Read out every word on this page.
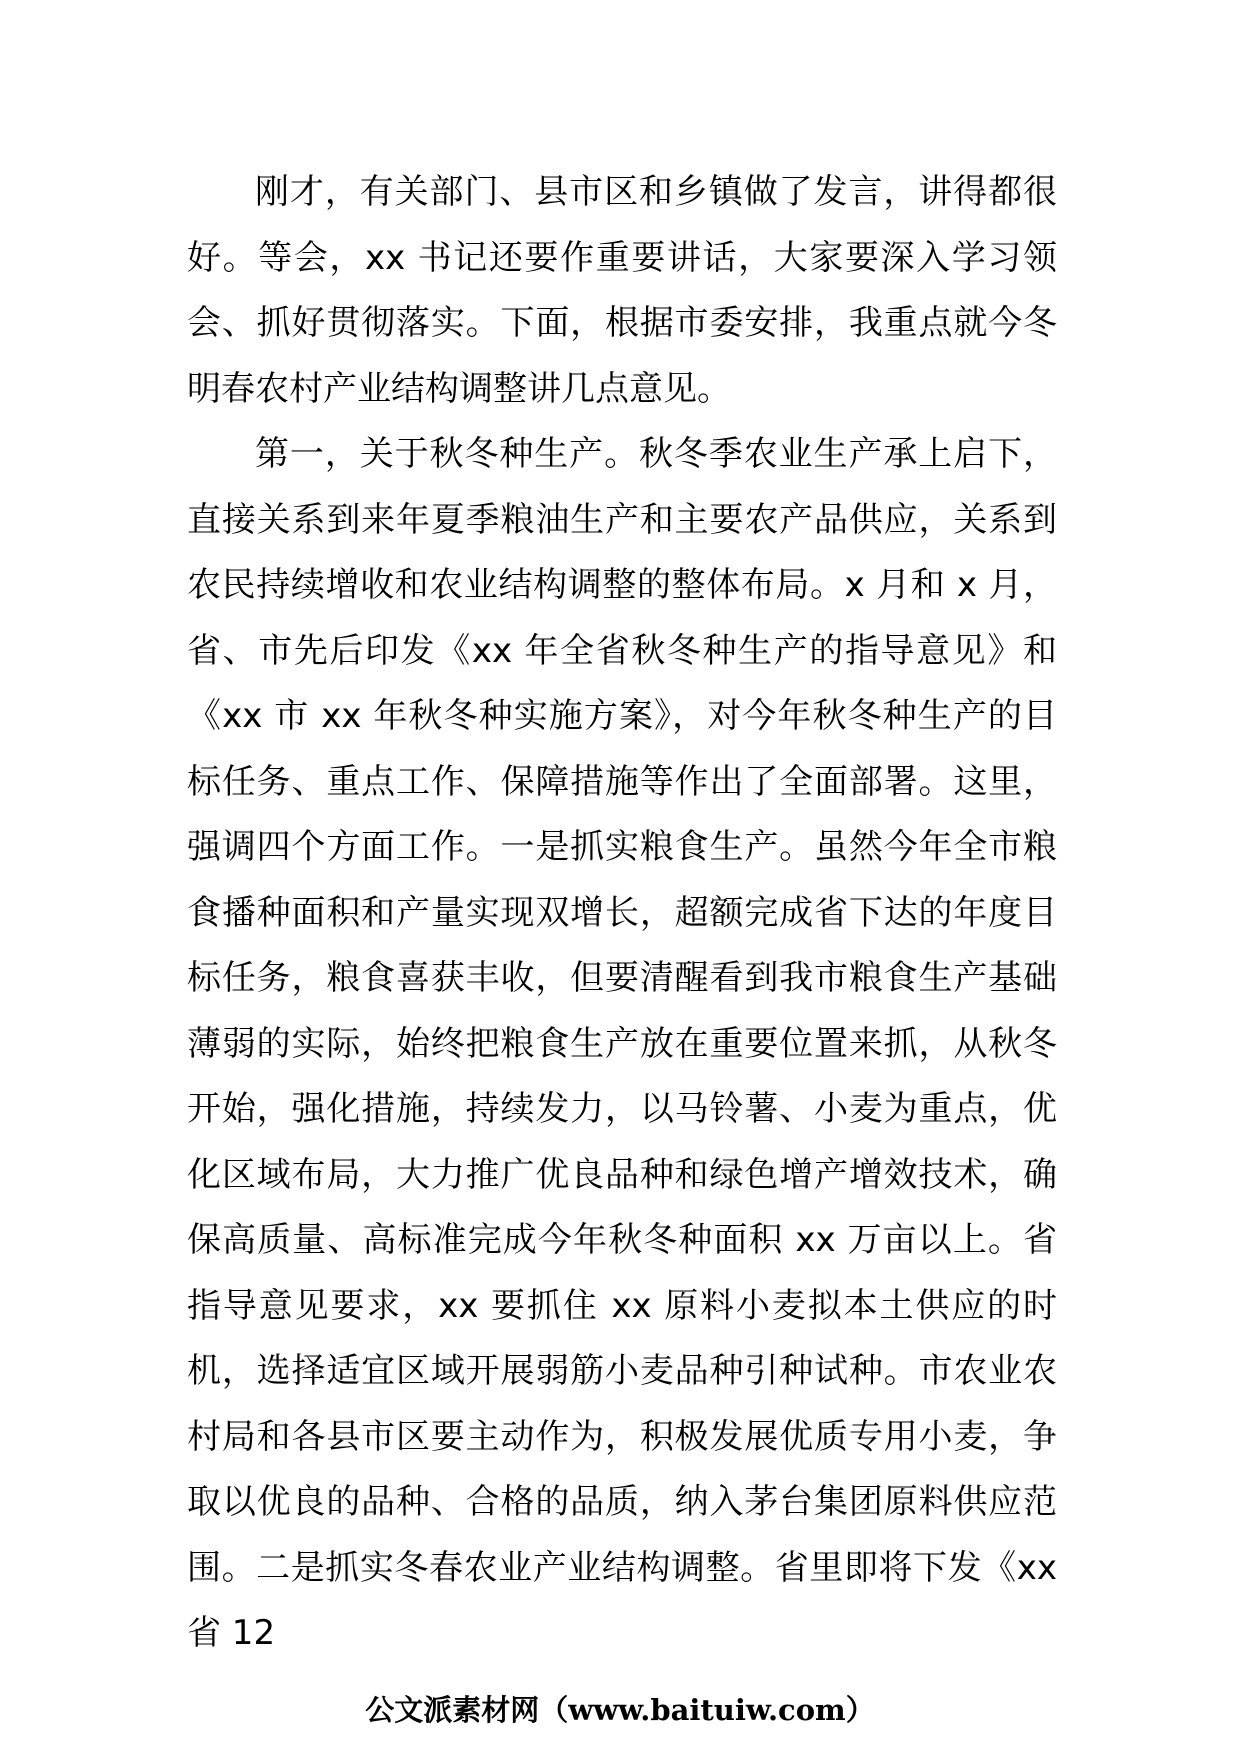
刚才，有关部门、县市区和乡镇做了发言，讲得都很好。等会，xx 书记还要作重要讲话，大家要深入学习领会、抓好贯彻落实。下面，根据市委安排，我重点就今冬明春农村产业结构调整讲几点意见。

第一，关于秋冬种生产。秋冬季农业生产承上启下，直接关系到来年夏季粮油生产和主要农产品供应，关系到农民持续增收和农业结构调整的整体布局。x 月和 x 月，省、市先后印发《xx 年全省秋冬种生产的指导意见》和《xx 市 xx 年秋冬种实施方案》，对今年秋冬种生产的目标任务、重点工作、保障措施等作出了全面部署。这里，强调四个方面工作。一是抓实粮食生产。虽然今年全市粮食播种面积和产量实现双增长，超额完成省下达的年度目标任务，粮食喜获丰收，但要清醒看到我市粮食生产基础薄弱的实际，始终把粮食生产放在重要位置来抓，从秋冬开始，强化措施，持续发力，以马铃薯、小麦为重点，优化区域布局，大力推广优良品种和绿色增产增效技术，确保高质量、高标准完成今年秋冬种面积 xx 万亩以上。省指导意见要求，xx 要抓住 xx 原料小麦拟本土供应的时机，选择适宜区域开展弱筋小麦品种引种试种。市农业农村局和各县市区要主动作为，积极发展优质专用小麦，争取以优良的品种、合格的品质，纳入茅台集团原料供应范围。二是抓实冬春农业产业结构调整。省里即将下发《xx 省 12

公文派素材网（www.baituiw.com）
